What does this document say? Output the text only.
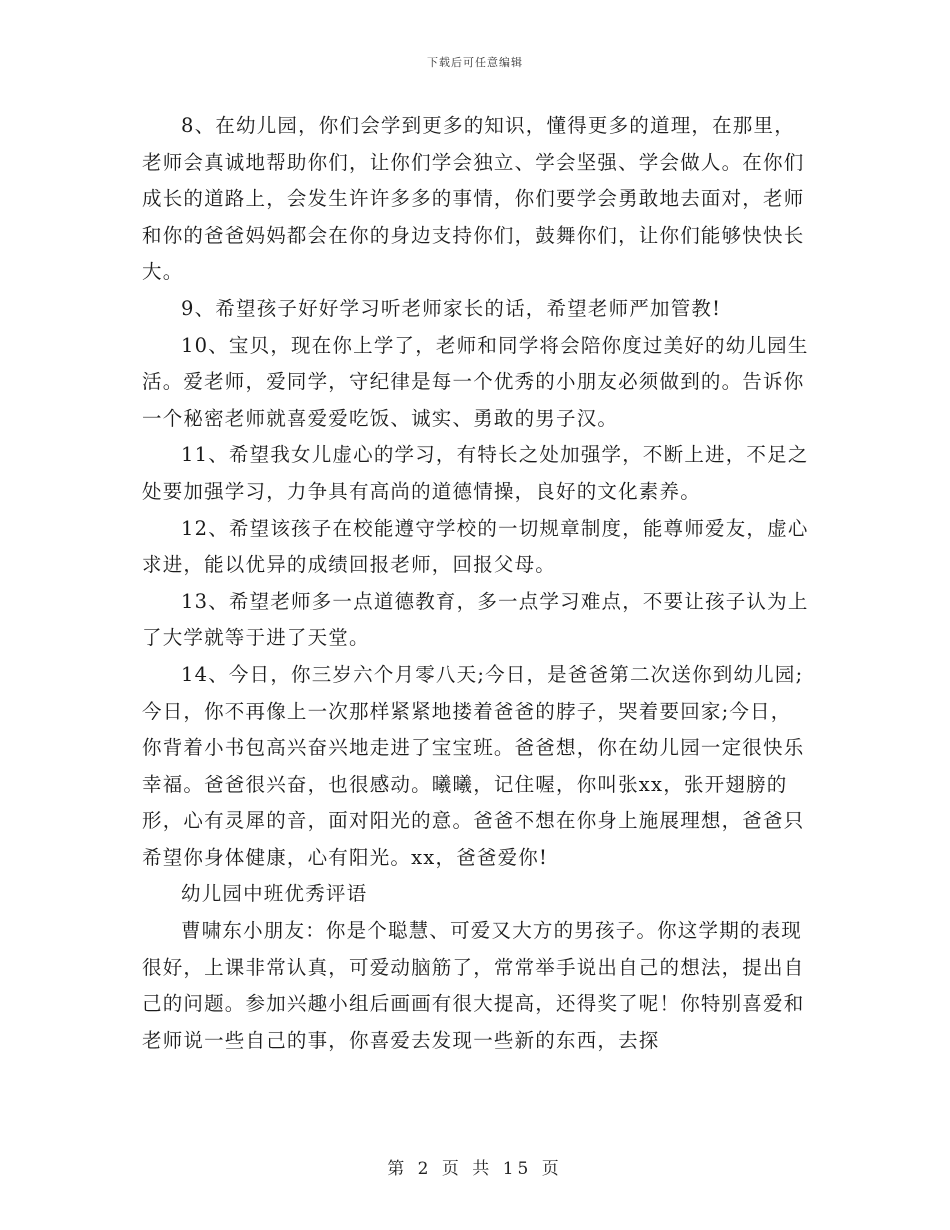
下载后可任意编辑

8、在幼儿园，你们会学到更多的知识，懂得更多的道理，在那里，老师会真诚地帮助你们，让你们学会独立、学会坚强、学会做人。在你们成长的道路上，会发生许许多多的事情，你们要学会勇敢地去面对，老师和你的爸爸妈妈都会在你的身边支持你们，鼓舞你们，让你们能够快快长大。

9、希望孩子好好学习听老师家长的话，希望老师严加管教!

10、宝贝，现在你上学了，老师和同学将会陪你度过美好的幼儿园生活。爱老师，爱同学，守纪律是每一个优秀的小朋友必须做到的。告诉你一个秘密老师就喜爱爱吃饭、诚实、勇敢的男子汉。

11、希望我女儿虚心的学习，有特长之处加强学，不断上进，不足之处要加强学习，力争具有高尚的道德情操，良好的文化素养。

12、希望该孩子在校能遵守学校的一切规章制度，能尊师爱友，虚心求进，能以优异的成绩回报老师，回报父母。

13、希望老师多一点道德教育，多一点学习难点，不要让孩子认为上了大学就等于进了天堂。

14、今日，你三岁六个月零八天;今日，是爸爸第二次送你到幼儿园;今日，你不再像上一次那样紧紧地搂着爸爸的脖子，哭着要回家;今日，你背着小书包高兴奋兴地走进了宝宝班。爸爸想，你在幼儿园一定很快乐幸福。爸爸很兴奋，也很感动。曦曦，记住喔，你叫张xx，张开翅膀的形，心有灵犀的音，面对阳光的意。爸爸不想在你身上施展理想，爸爸只希望你身体健康，心有阳光。xx，爸爸爱你!

幼儿园中班优秀评语

曹啸东小朋友：你是个聪慧、可爱又大方的男孩子。你这学期的表现很好，上课非常认真，可爱动脑筋了，常常举手说出自己的想法，提出自己的问题。参加兴趣小组后画画有很大提高，还得奖了呢！你特别喜爱和老师说一些自己的事，你喜爱去发现一些新的东西，去探

第 2 页 共 15 页
